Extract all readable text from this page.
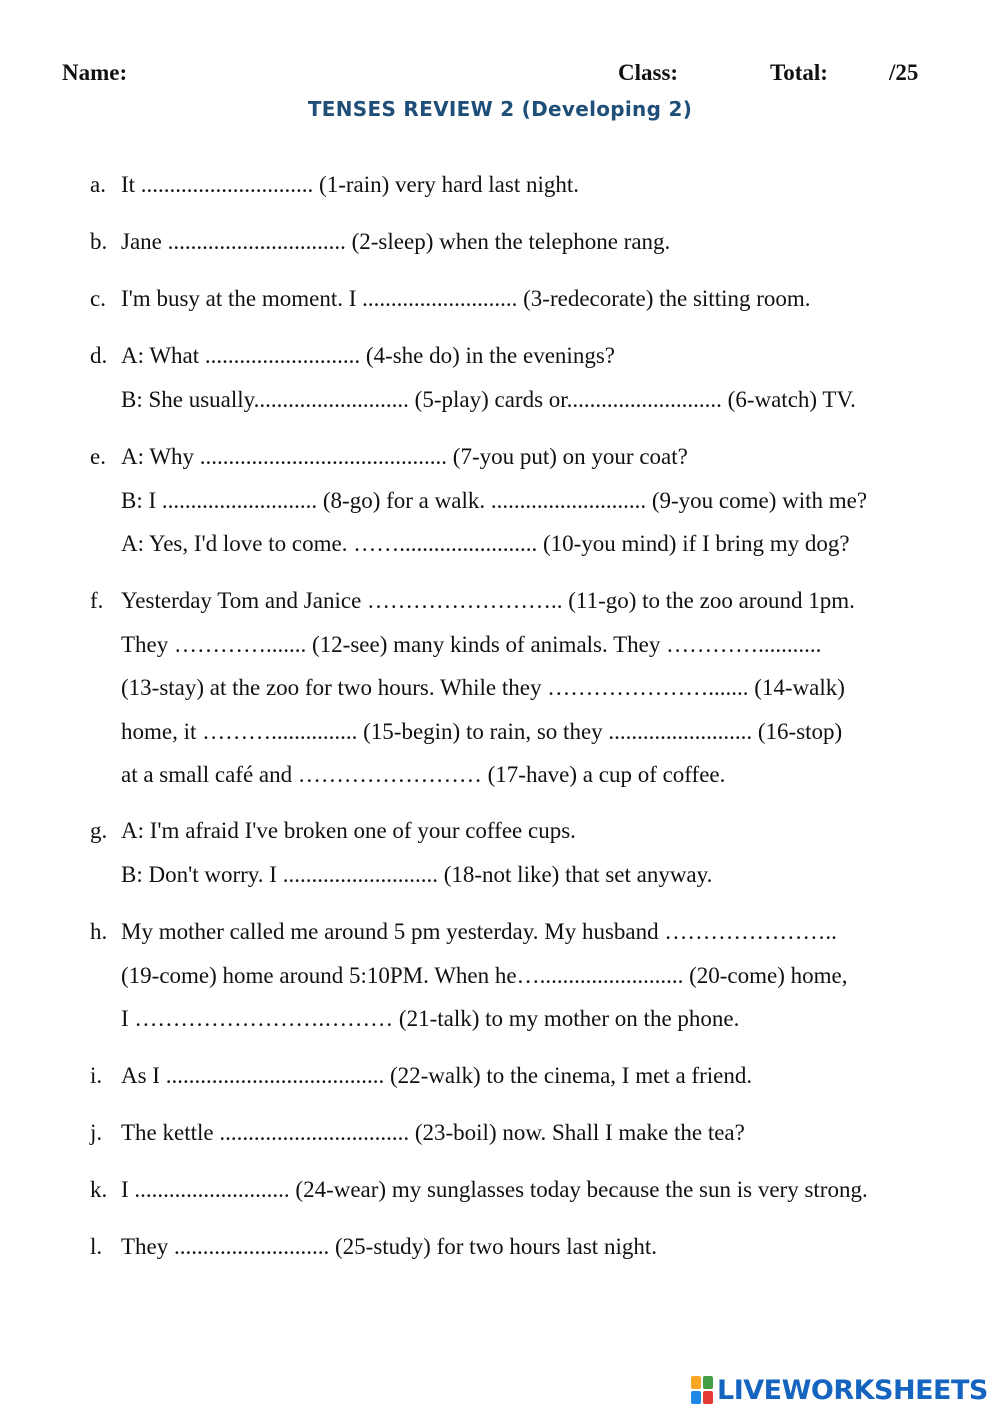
Name:	Class:	Total:	/25
TENSES REVIEW 2 (Developing 2)
a. It .............................. (1-rain) very hard last night.
b. Jane ............................... (2-sleep) when the telephone rang.
c. I'm busy at the moment. I ........................... (3-redecorate) the sitting room.
d. A: What ........................... (4-she do) in the evenings?
B: She usually........................... (5-play) cards or........................... (6-watch) TV.
e. A: Why ........................................... (7-you put) on your coat?
B: I ........................... (8-go) for a walk. ........................... (9-you come) with me?
A: Yes, I'd love to come. ……........................ (10-you mind) if I bring my dog?
f. Yesterday Tom and Janice …………………….. (11-go) to the zoo around 1pm.
They …………....... (12-see) many kinds of animals. They …………...........
(13-stay) at the zoo for two hours. While they …………………....... (14-walk)
home, it ………............... (15-begin) to rain, so they ......................... (16-stop)
at a small café and …………………… (17-have) a cup of coffee.
g. A: I'm afraid I've broken one of your coffee cups.
B: Don't worry. I ........................... (18-not like) that set anyway.
h. My mother called me around 5 pm yesterday. My husband …………………..
(19-come) home around 5:10PM. When he…......................... (20-come) home,
I …………………….……… (21-talk) to my mother on the phone.
i. As I ...................................... (22-walk) to the cinema, I met a friend.
j. The kettle ................................. (23-boil) now. Shall I make the tea?
k. I ........................... (24-wear) my sunglasses today because the sun is very strong.
l. They ........................... (25-study) for two hours last night.
LIVEWORKSHEETS
